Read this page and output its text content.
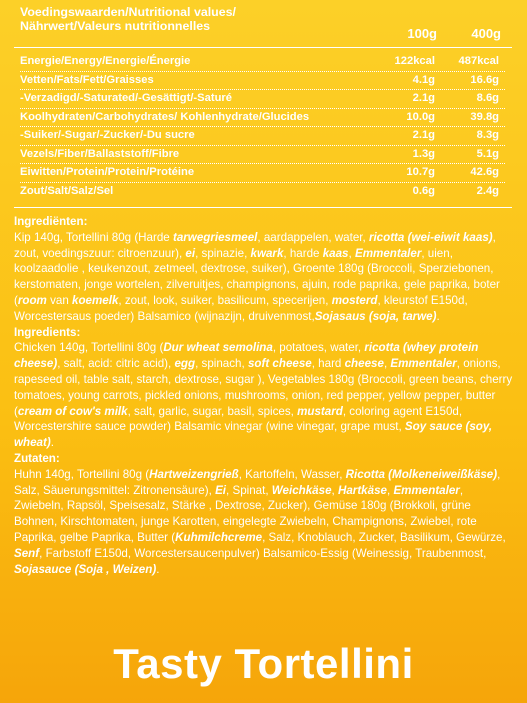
Voedingswaarden/Nutritional values/
Nährwert/Valeurs nutritionnelles	100g	400g
Energie/Energy/Energie/Énergie	122kcal 487kcal
Vetten/Fats/Fett/Graisses	4.1g	16.6g
-Verzadigd/-Saturated/-Gesättigt/-Saturé	2.1g	8.6g
Koolhydraten/Carbohydrates/ Kohlenhydrate/Glucides	10.0g	39.8g
-Suiker/-Sugar/-Zucker/-Du sucre	2.1g	8.3g
Vezels/Fiber/Ballaststoff/Fibre	1.3g	5.1g
Eiwitten/Protein/Protein/Protéine	10.7g	42.6g
Zout/Salt/Salz/Sel	0.6g	2.4g
Ingrediënten:
Kip 140g, Tortellini 80g (Harde tarwegriesmeel, aardappelen, water, ricotta (wei-eiwit kaas), zout, voedingszuur: citroenzuur), ei, spinazie, kwark, harde kaas, Emmentaler, uien, koolzaadolie , keukenzout, zetmeel, dextrose, suiker), Groente 180g (Broccoli, Sperziebonen, kerstomaten, jonge wortelen, zilveruitjes, champignons, ajuin, rode paprika, gele paprika, boter (room van koemelk, zout, look, suiker, basilicum, specerijen, mosterd, kleurstof E150d, Worcestersaus poeder) Balsamico (wijnazijn, druivenmost,Sojasaus (soja, tarwe).
Ingredients:
Chicken 140g, Tortellini 80g (Dur wheat semolina, potatoes, water, ricotta (whey protein cheese), salt, acid: citric acid), egg, spinach, soft cheese, hard cheese, Emmentaler, onions, rapeseed oil, table salt, starch, dextrose, sugar ), Vegetables 180g (Broccoli, green beans, cherry tomatoes, young carrots, pickled onions, mushrooms, onion, red pepper, yellow pepper, butter (cream of cow's milk, salt, garlic, sugar, basil, spices, mustard, coloring agent E150d, Worcestershire sauce powder) Balsamic vinegar (wine vinegar, grape must, Soy sauce (soy, wheat).
Zutaten:
Huhn 140g, Tortellini 80g (Hartweizengrieß, Kartoffeln, Wasser, Ricotta (Molkeneiweißkäse), Salz, Säuerungsmittel: Zitronensäure), Ei, Spinat, Weichkäse, Hartkäse, Emmentaler, Zwiebeln, Rapsöl, Speisesalz, Stärke , Dextrose, Zucker), Gemüse 180g (Brokkoli, grüne Bohnen, Kirschtomaten, junge Karotten, eingelegte Zwiebeln, Champignons, Zwiebel, rote Paprika, gelbe Paprika, Butter (Kuhmilchcreme, Salz, Knoblauch, Zucker, Basilikum, Gewürze, Senf, Farbstoff E150d, Worcestersaucenpulver) Balsamico-Essig (Weinessig, Traubenmost, Sojasauce (Soja , Weizen).
Tasty Tortellini
